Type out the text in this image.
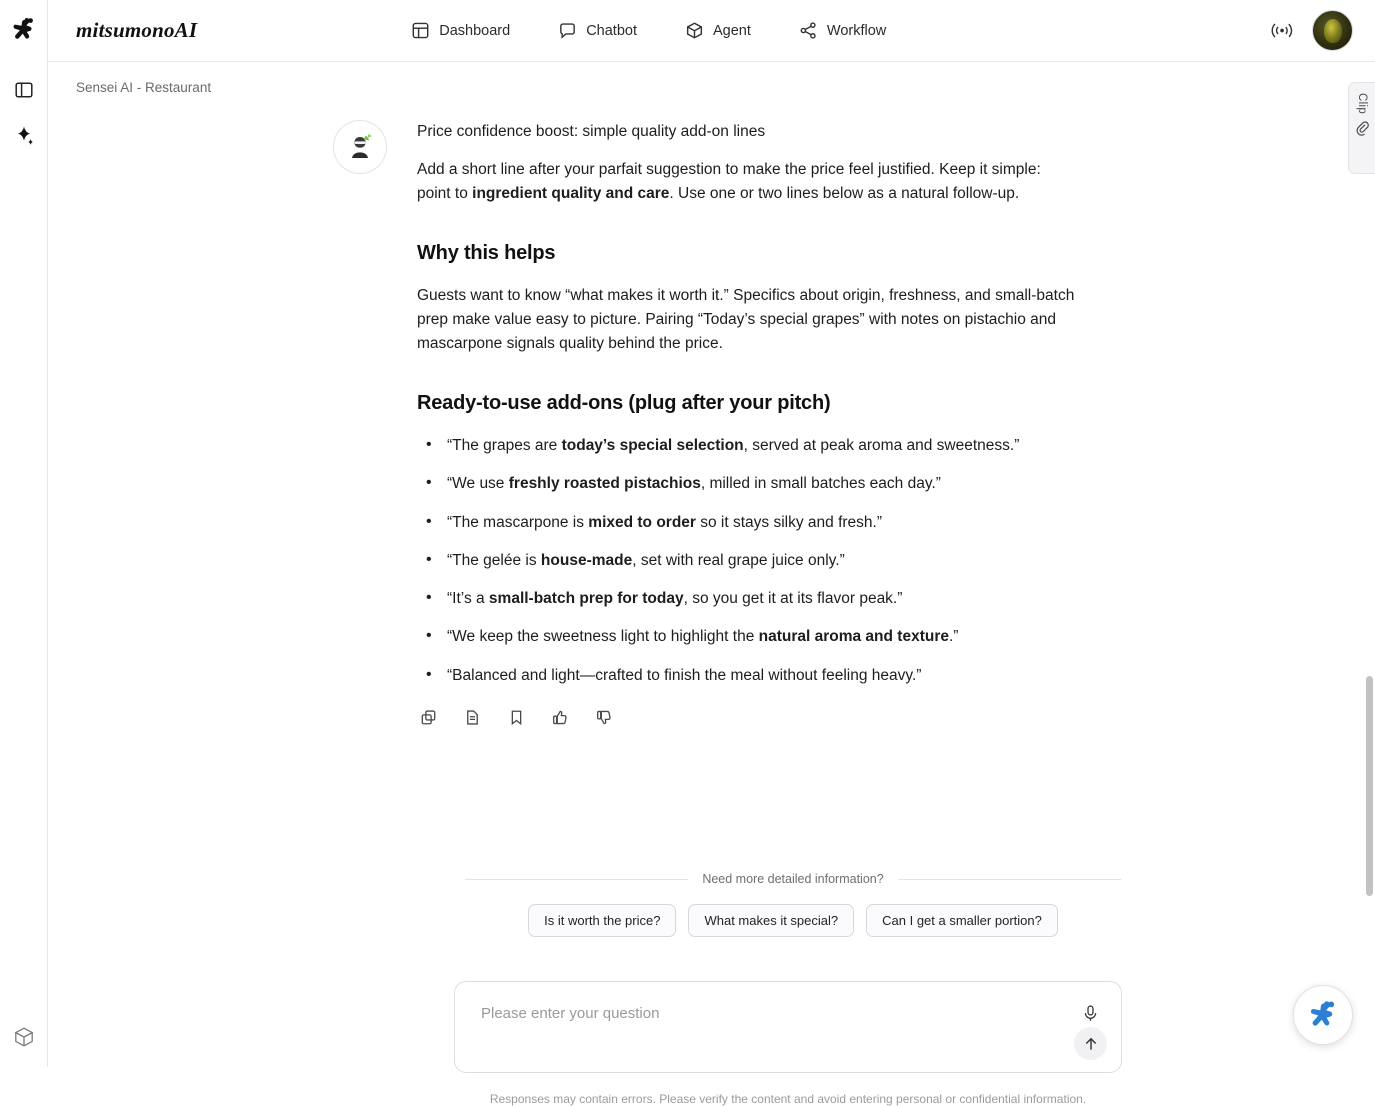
mitsumonoAI	Dashboard	Chatbot	Agent	Workflow
Sensei AI - Restaurant

Price confidence boost: simple quality add-on lines

Add a short line after your parfait suggestion to make the price feel justified. Keep it simple: point to ingredient quality and care. Use one or two lines below as a natural follow-up.

Why this helps

Guests want to know “what makes it worth it.” Specifics about origin, freshness, and small-batch prep make value easy to picture. Pairing “Today’s special grapes” with notes on pistachio and mascarpone signals quality behind the price.

Ready-to-use add-ons (plug after your pitch)
• “The grapes are today’s special selection, served at peak aroma and sweetness.”
• “We use freshly roasted pistachios, milled in small batches each day.”
• “The mascarpone is mixed to order so it stays silky and fresh.”
• “The gelée is house-made, set with real grape juice only.”
• “It’s a small-batch prep for today, so you get it at its flavor peak.”
• “We keep the sweetness light to highlight the natural aroma and texture.”
• “Balanced and light—crafted to finish the meal without feeling heavy.”
Need more detailed information?
Is it worth the price?	What makes it special?	Can I get a smaller portion?
Please enter your question
Responses may contain errors. Please verify the content and avoid entering personal or confidential information.
Clip
